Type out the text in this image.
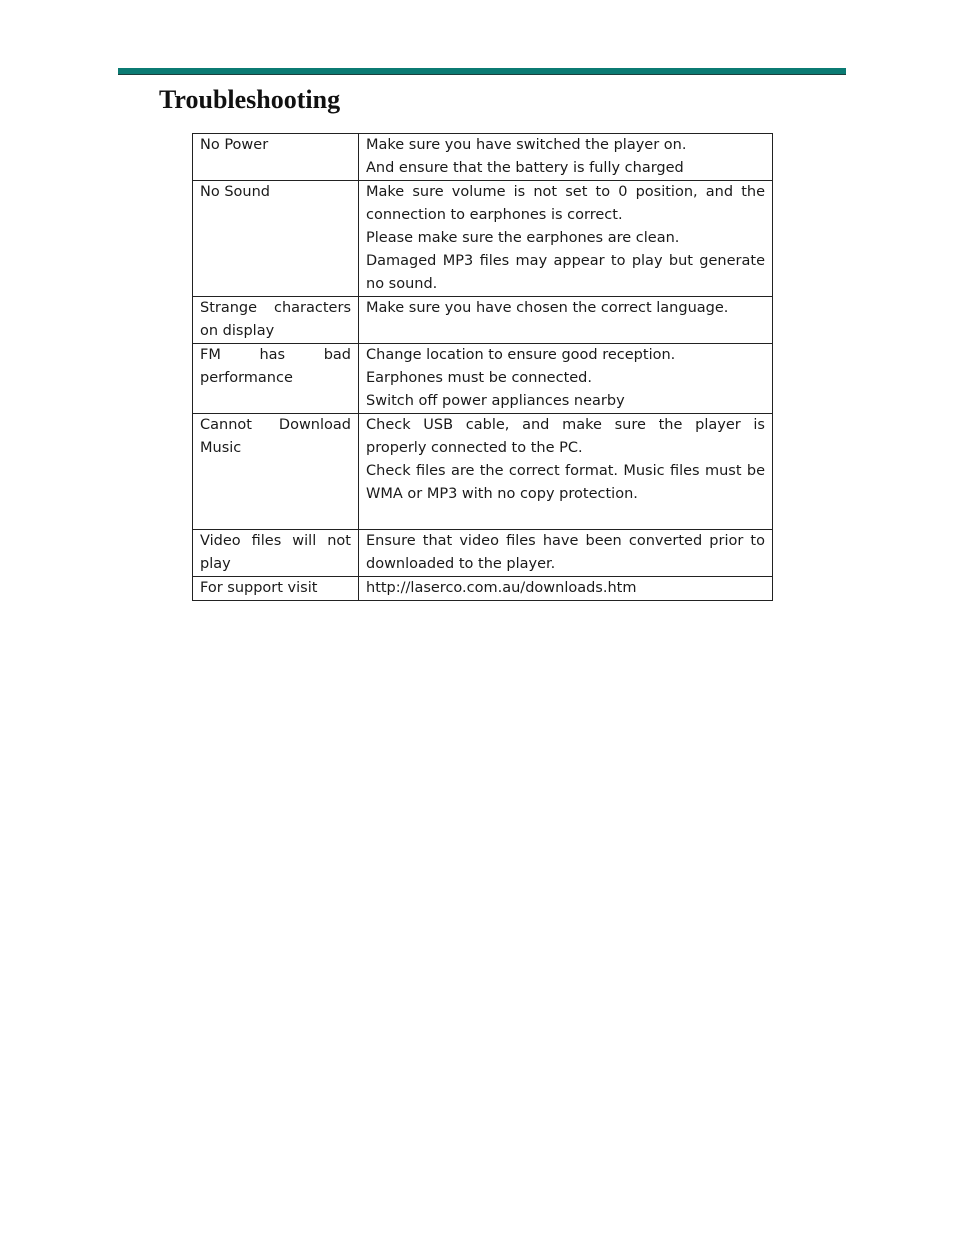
Troubleshooting
No Power	Make sure you have switched the player on.
And ensure that the battery is fully charged

No Sound	Make sure volume is not set to 0 position, and the connection to earphones is correct.
Please make sure the earphones are clean.
Damaged MP3 files may appear to play but generate no sound.

Strange characters on display	Make sure you have chosen the correct language.

FM has bad performance	Change location to ensure good reception.
Earphones must be connected.
Switch off power appliances nearby

Cannot Download Music	Check USB cable, and make sure the player is properly connected to the PC.
Check files are the correct format. Music files must be WMA or MP3 with no copy protection.

Video files will not play	Ensure that video files have been converted prior to downloaded to the player.

For support visit	http://laserco.com.au/downloads.htm
